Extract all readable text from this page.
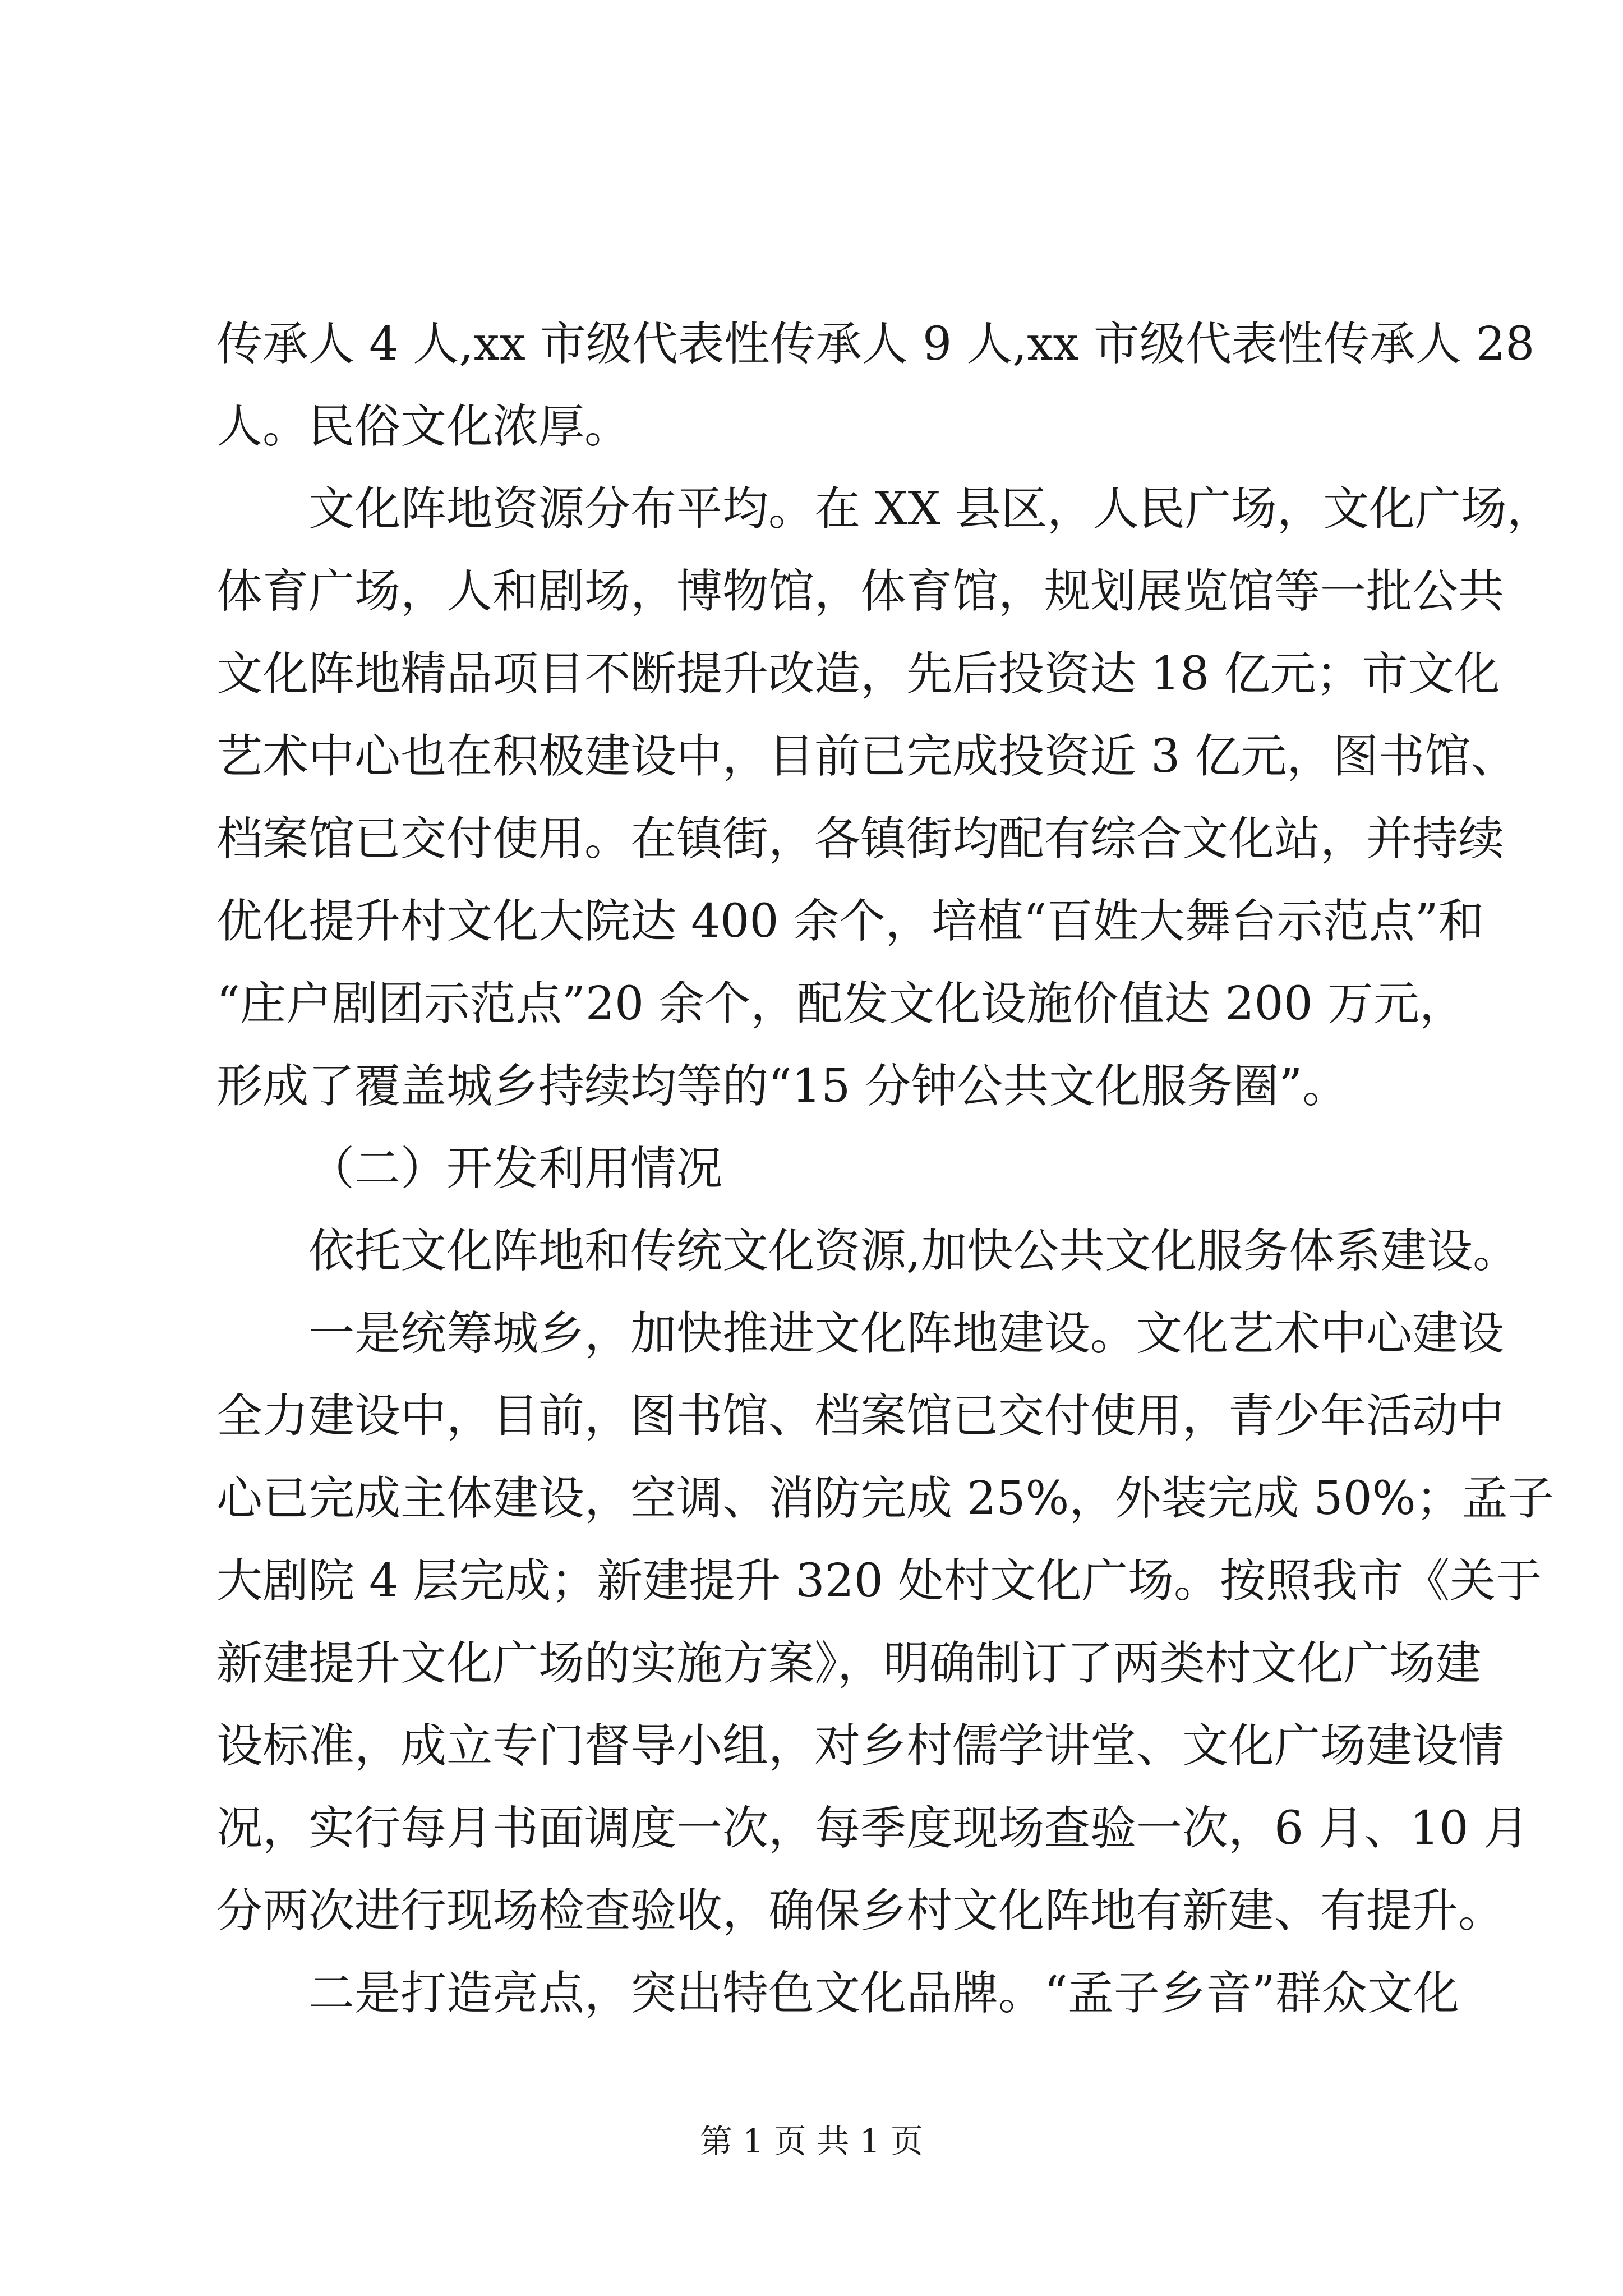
传承人 4 人,xx 市级代表性传承人 9 人,xx 市级代表性传承人 28
人。民俗文化浓厚。
文化阵地资源分布平均。在 XX 县区，人民广场，文化广场，
体育广场，人和剧场，博物馆，体育馆，规划展览馆等一批公共
文化阵地精品项目不断提升改造，先后投资达 18 亿元；市文化
艺术中心也在积极建设中，目前已完成投资近 3 亿元，图书馆、
档案馆已交付使用。在镇街，各镇街均配有综合文化站，并持续
优化提升村文化大院达 400 余个，培植“百姓大舞台示范点”和
“庄户剧团示范点”20 余个，配发文化设施价值达 200 万元，
形成了覆盖城乡持续均等的“15 分钟公共文化服务圈”。
（二）开发利用情况
依托文化阵地和传统文化资源,加快公共文化服务体系建设。
一是统筹城乡，加快推进文化阵地建设。文化艺术中心建设
全力建设中，目前，图书馆、档案馆已交付使用，青少年活动中
心已完成主体建设，空调、消防完成 25%，外装完成 50%；孟子
大剧院 4 层完成；新建提升 320 处村文化广场。按照我市《关于
新建提升文化广场的实施方案》，明确制订了两类村文化广场建
设标准，成立专门督导小组，对乡村儒学讲堂、文化广场建设情
况，实行每月书面调度一次，每季度现场查验一次，6 月、10 月
分两次进行现场检查验收，确保乡村文化阵地有新建、有提升。
二是打造亮点，突出特色文化品牌。“孟子乡音”群众文化
第 1 页 共 1 页
